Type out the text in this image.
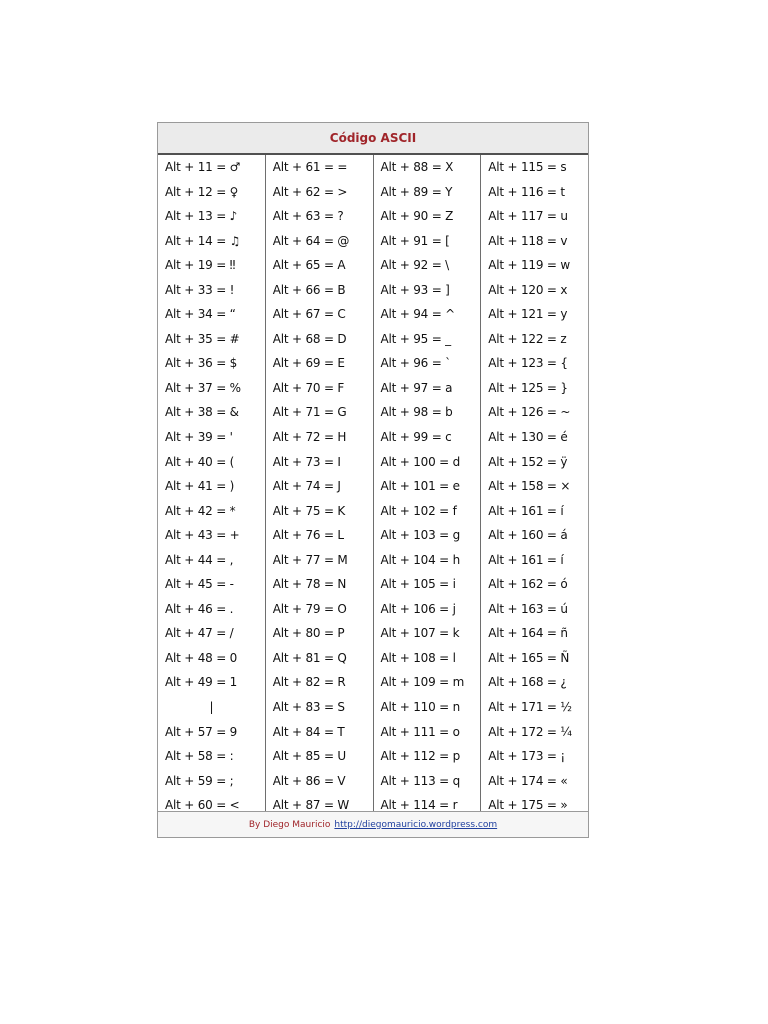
Código ASCII
Alt + 11 = ♂
Alt + 12 = ♀
Alt + 13 = ♪
Alt + 14 = ♫
Alt + 19 = ‼
Alt + 33 = !
Alt + 34 = “
Alt + 35 = #
Alt + 36 = $
Alt + 37 = %
Alt + 38 = &
Alt + 39 = '
Alt + 40 = (
Alt + 41 = )
Alt + 42 = *
Alt + 43 = +
Alt + 44 = ,
Alt + 45 = -
Alt + 46 = .
Alt + 47 = /
Alt + 48 = 0
Alt + 49 = 1
|
Alt + 57 = 9
Alt + 58 = :
Alt + 59 = ;
Alt + 60 = <
Alt + 61 = =
Alt + 62 = >
Alt + 63 = ?
Alt + 64 = @
Alt + 65 = A
Alt + 66 = B
Alt + 67 = C
Alt + 68 = D
Alt + 69 = E
Alt + 70 = F
Alt + 71 = G
Alt + 72 = H
Alt + 73 = I
Alt + 74 = J
Alt + 75 = K
Alt + 76 = L
Alt + 77 = M
Alt + 78 = N
Alt + 79 = O
Alt + 80 = P
Alt + 81 = Q
Alt + 82 = R
Alt + 83 = S
Alt + 84 = T
Alt + 85 = U
Alt + 86 = V
Alt + 87 = W
Alt + 88 = X
Alt + 89 = Y
Alt + 90 = Z
Alt + 91 = [
Alt + 92 = \
Alt + 93 = ]
Alt + 94 = ^
Alt + 95 = _
Alt + 96 = `
Alt + 97 = a
Alt + 98 = b
Alt + 99 = c
Alt + 100 = d
Alt + 101 = e
Alt + 102 = f
Alt + 103 = g
Alt + 104 = h
Alt + 105 = i
Alt + 106 = j
Alt + 107 = k
Alt + 108 = l
Alt + 109 = m
Alt + 110 = n
Alt + 111 = o
Alt + 112 = p
Alt + 113 = q
Alt + 114 = r
Alt + 115 = s
Alt + 116 = t
Alt + 117 = u
Alt + 118 = v
Alt + 119 = w
Alt + 120 = x
Alt + 121 = y
Alt + 122 = z
Alt + 123 = {
Alt + 125 = }
Alt + 126 = ~
Alt + 130 = é
Alt + 152 = ÿ
Alt + 158 = ×
Alt + 161 = í
Alt + 160 = á
Alt + 161 = í
Alt + 162 = ó
Alt + 163 = ú
Alt + 164 = ñ
Alt + 165 = Ñ
Alt + 168 = ¿
Alt + 171 = ½
Alt + 172 = ¼
Alt + 173 = ¡
Alt + 174 = «
Alt + 175 = »
By Diego Mauricio http://diegomauricio.wordpress.com
